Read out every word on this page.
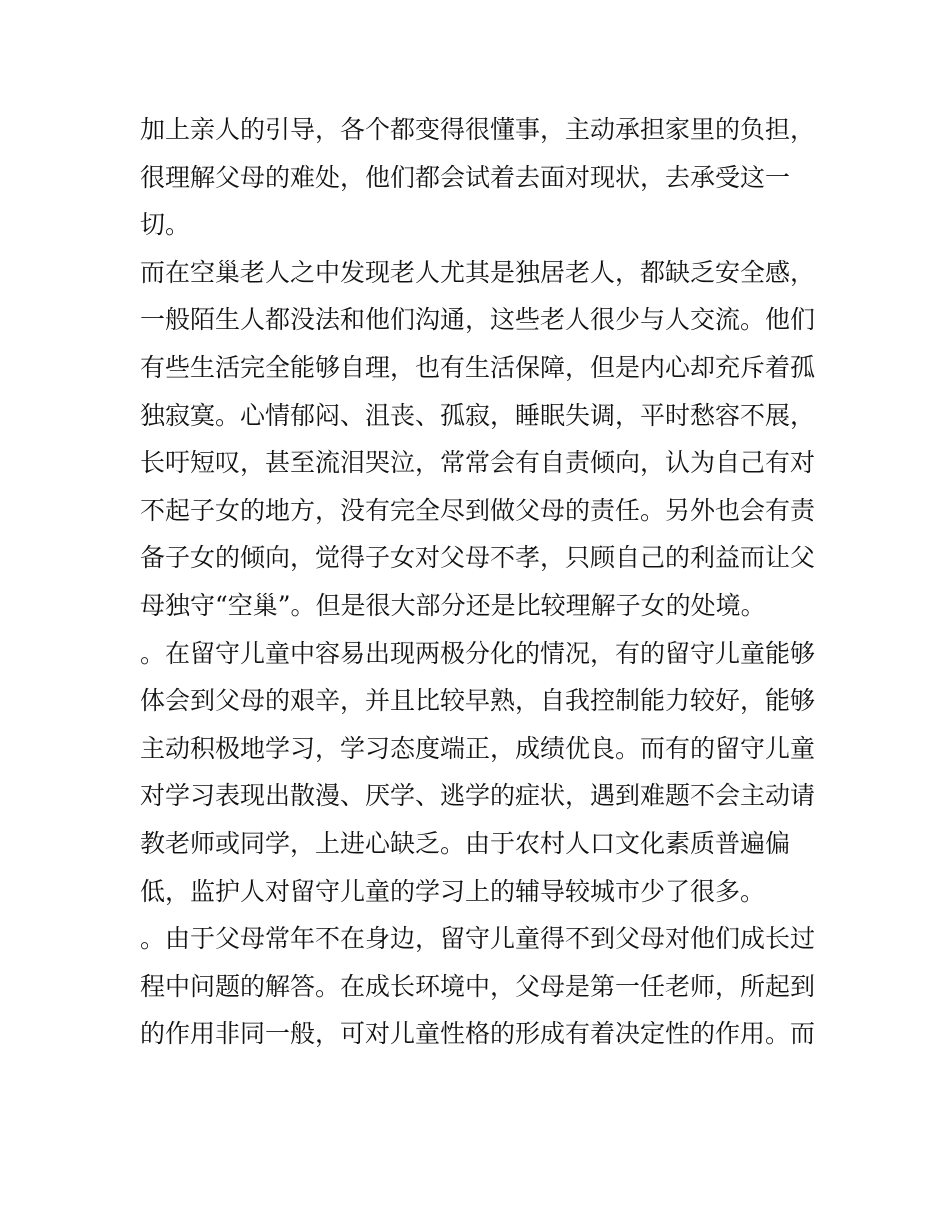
加上亲人的引导，各个都变得很懂事，主动承担家里的负担，
很理解父母的难处，他们都会试着去面对现状，去承受这一
切。
而在空巢老人之中发现老人尤其是独居老人，都缺乏安全感，
一般陌生人都没法和他们沟通，这些老人很少与人交流。他们
有些生活完全能够自理，也有生活保障，但是内心却充斥着孤
独寂寞。心情郁闷、沮丧、孤寂，睡眠失调，平时愁容不展，
长吁短叹，甚至流泪哭泣，常常会有自责倾向，认为自己有对
不起子女的地方，没有完全尽到做父母的责任。另外也会有责
备子女的倾向，觉得子女对父母不孝，只顾自己的利益而让父
母独守“空巢”。但是很大部分还是比较理解子女的处境。
。在留守儿童中容易出现两极分化的情况，有的留守儿童能够
体会到父母的艰辛，并且比较早熟，自我控制能力较好，能够
主动积极地学习，学习态度端正，成绩优良。而有的留守儿童
对学习表现出散漫、厌学、逃学的症状，遇到难题不会主动请
教老师或同学，上进心缺乏。由于农村人口文化素质普遍偏
低，监护人对留守儿童的学习上的辅导较城市少了很多。
。由于父母常年不在身边，留守儿童得不到父母对他们成长过
程中问题的解答。在成长环境中，父母是第一任老师，所起到
的作用非同一般，可对儿童性格的形成有着决定性的作用。而
